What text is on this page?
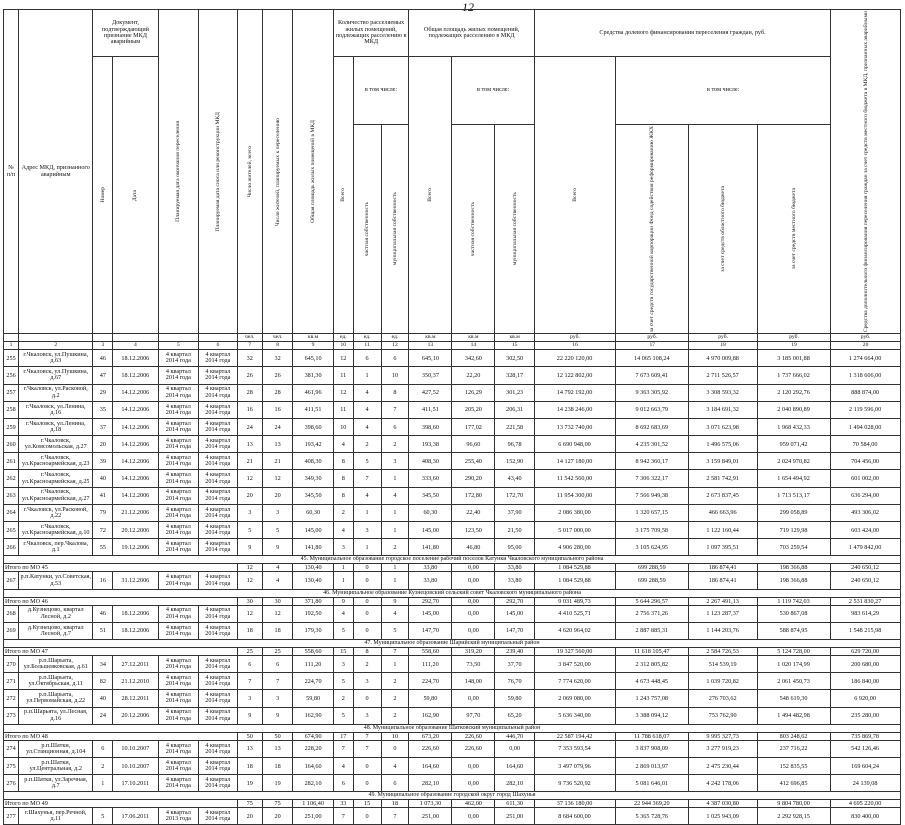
12
№ п/п	Адрес МКД, признанного аварийным	Документ, подтверждающий признание МКД аварийным		Планируемая дата окончания переселения	Планируемая дата сноса или реконструкции МКД	Число жителей, всего	Число жителей, планируемых к переселению	Общая площадь жилых помещений в МКД	Количество расселяемых жилых помещений, подлежащих расселению в МКД			Общая площадь жилых помещений, подлежащих расселению в МКД			Средства долевого финансирования переселения граждан, руб.				Средства дополнительного финансирования переселения граждан за счет средств местного бюджета в МКД, признанных аварийными

		Номер	Дата						Всего	в том числе:		Всего	в том числе:		Всего	в том числе:			

										частная собственность	муниципальная собственность		частная собственность	муниципальная собственность		за счет средств государственной корпорации Фонд содействия реформированию ЖКХ	за счет средств областного бюджета	за счет средств местного бюджета	

						чел.	чел.	кв.м	ед.	ед.	ед.	кв.м	кв.м	кв.м	руб.	руб.	руб.	руб.	руб.
1	2	3	4	5	6	7	8	9	10	11	12	13	14	15	16	17	18	19	20
255	г.Чкаловск, ул.Пушкина, д.63	46	18.12.2006	4 квартал 2014 года	4 квартал 2014 года	32	32	645,10	12	6	6	645,10	342,60	302,50	22 220 120,00	14 065 108,24	4 970 009,88	3 185 001,88	1 274 664,00
256	г.Чкаловск, ул.Пушкина, д.67	47	18.12.2006	4 квартал 2014 года	4 квартал 2014 года	26	26	381,30	11	1	10	350,37	22,20	328,17	12 122 802,00	7 673 609,41	2 711 526,57	1 737 666,02	1 318 606,00
257	г.Чкаловск, ул.Расковой, д.2	29	14.12.2006	4 квартал 2014 года	4 квартал 2014 года	28	28	461,96	12	4	8	427,52	126,29	301,23	14 792 192,00	9 363 305,92	3 308 593,32	2 120 292,76	888 874,00
258	г.Чкаловск, ул.Ленина, д.16	35	14.12.2006	4 квартал 2014 года	4 квартал 2014 года	16	16	411,51	11	4	7	411,51	205,20	206,31	14 238 246,00	9 012 663,79	3 184 691,32	2 040 890,89	2 119 596,00
259	г.Чкаловск, ул.Ленина, д.18	37	14.12.2006	4 квартал 2014 года	4 квартал 2014 года	24	24	398,60	10	4	6	398,60	177,02	221,58	13 732 740,00	8 692 683,69	3 071 623,98	1 968 432,33	1 494 028,00
260	г.Чкаловск, ул.Комсомольская, д.27	20	14.12.2006	4 квартал 2014 года	4 квартал 2014 года	13	13	193,42	4	2	2	193,38	96,60	96,78	6 690 948,00	4 235 301,52	1 496 575,06	959 071,42	70 584,00
261	г.Чкаловск, ул.Красноармейская, д.23	39	14.12.2006	4 квартал 2014 года	4 квартал 2014 года	21	21	408,30	8	5	3	408,30	255,40	152,90	14 127 180,00	8 942 360,17	3 159 849,01	2 024 970,82	704 456,00
262	г.Чкаловск, ул.Красноармейская, д.25	40	14.12.2006	4 квартал 2014 года	4 квартал 2014 года	12	12	349,30	8	7	1	333,60	290,20	43,40	11 542 560,00	7 306 322,17	2 581 742,91	1 654 494,92	601 002,00
263	г.Чкаловск, ул.Красноармейская, д.27	41	14.12.2006	4 квартал 2014 года	4 квартал 2014 года	20	20	345,50	8	4	4	345,50	172,80	172,70	11 954 300,00	7 566 949,38	2 673 837,45	1 713 513,17	636 294,00
264	г.Чкаловск, ул.Расковой, д.22	79	21.12.2006	4 квартал 2014 года	4 квартал 2014 года	3	3	60,30	2	1	1	60,30	22,40	37,90	2 086 380,00	1 320 657,15	466 663,96	299 058,89	493 306,02
265	г.Чкаловск, ул.Красноармейская, д.10	72	20.12.2006	4 квартал 2014 года	4 квартал 2014 года	5	5	145,00	4	3	1	145,00	123,50	21,50	5 017 000,00	3 175 709,58	1 122 160,44	719 129,98	603 424,00
266	г.Чкаловск, пер.Чкалова, д.1	55	19.12.2006	4 квартал 2014 года	4 квартал 2014 года	9	9	141,80	3	1	2	141,80	46,80	95,00	4 906 280,00	3 105 624,95	1 097 395,51	703 259,54	1 479 842,00
45. Муниципальное образование городское поселение рабочий поселок Катунки Чкаловского муниципального района																			
Итого по МО 45						12	4	130,40	1	0	1	33,80	0,00	33,80	1 084 529,88	699 288,59	186 874,41	198 366,88	240 650,12
267	р.п.Катунки, ул.Советская, д.53	16	31.12.2006	4 квартал 2014 года	4 квартал 2014 года	12	4	130,40	1	0	1	33,80	0,00	33,80	1 084 529,88	699 288,59	186 874,41	198 366,88	240 650,12
46. Муниципальное образование Кузнецовский сельский совет Чкаловского муниципального района																			
Итого по МО 46						30	30	371,80	9	0	9	292,70	0,00	292,70	9 031 489,73	5 644 296,57	2 267 491,13	1 119 742,03	2 531 830,27
268	д.Кузнецово, квартал Лесной, д.2	46	18.12.2006	4 квартал 2014 года	4 квартал 2014 года	12	12	192,50	4	0	4	145,00	0,00	145,00	4 410 525,71	2 756 371,26	1 123 287,37	530 867,08	983 614,29
269	д.Кузнецово, квартал Лесной, д.7	51	18.12.2006	4 квартал 2014 года	4 квартал 2014 года	18	18	179,30	5	0	5	147,70	0,00	147,70	4 620 964,02	2 887 885,31	1 144 203,76	588 874,95	1 548 215,98
47. Муниципальное образование Шарийский муниципальный район																			
Итого по МО 47						25	25	558,60	15	8	7	558,60	319,20	239,40	19 327 560,00	11 618 105,47	2 584 726,53	5 124 728,00	629 720,00
270	р.п.Шарьята, ул.Большеяковская, д.61	34	27.12.2011	4 квартал 2014 года	4 квартал 2014 года	6	6	111,20	3	2	1	111,20	73,50	37,70	3 847 520,00	2 312 805,82	514 539,19	1 020 174,99	200 680,00
271	р.п.Шарьята, ул.Октябрьская, д.11	82	21.12.2010	4 квартал 2014 года	4 квартал 2014 года	7	7	224,70	5	3	2	224,70	148,00	76,70	7 774 620,00	4 673 448,45	1 039 720,82	2 061 450,73	186 840,00
272	р.п.Шарьята, ул.Первомайская, д.22	40	28.12.2011	4 квартал 2014 года	4 квартал 2014 года	3	3	59,80	2	0	2	59,80	0,00	59,80	2 069 080,00	1 243 757,08	276 703,62	548 619,30	6 920,00
273	р.п.Шарьята, ул.Лесная, д.16	24	20.12.2006	4 квартал 2014 года	4 квартал 2014 года	9	9	162,90	5	3	2	162,90	97,70	65,20	5 636 340,00	3 388 094,12	753 762,90	1 494 482,98	235 280,00
48. Муниципальное образование Шатковский муниципальный район																			
Итого по МО 48						50	50	674,90	17	7	10	673,20	226,60	446,70	22 587 194,42	11 788 618,07	9 995 327,73	803 248,62	735 869,78
274	р.п.Шатки, ул.Станционная, д.104	6	10.10.2007	4 квартал 2014 года	4 квартал 2014 года	13	13	228,20	7	7	0	226,60	226,60	0,00	7 353 593,54	3 837 908,09	3 277 919,23	237 716,22	542 126,46
275	р.п.Шатки, ул.Центральная, д.2	2	10.10.2007	4 квартал 2014 года	4 квартал 2014 года	18	18	164,60	4	0	4	164,60	0,00	164,60	3 497 079,96	2 869 013,97	2 475 230,44	152 835,55	169 604,24
276	р.п.Шатки, ул.Заречная, д.7	1	17.10.2011	4 квартал 2014 года	4 квартал 2014 года	19	19	282,10	6	0	6	282,10	0,00	282,10	9 736 520,92	5 081 646,01	4 242 178,06	412 696,85	24 139,08
49. Муниципальное образование городской округ город Шахунья																			
Итого по МО 49						75	75	1 106,40	33	15	18	1 073,30	462,00	611,30	37 136 180,00	22 944 369,20	4 387 030,80	9 804 780,00	4 695 220,00
277	г.Шахунья, пер.Речной, д.11	5	17.06.2011	4 квартал 2013 года	4 квартал 2014 года	20	20	251,00	7	0	7	251,00	0,00	251,00	8 684 600,00	5 365 728,76	1 025 943,09	2 292 928,15	830 400,00
